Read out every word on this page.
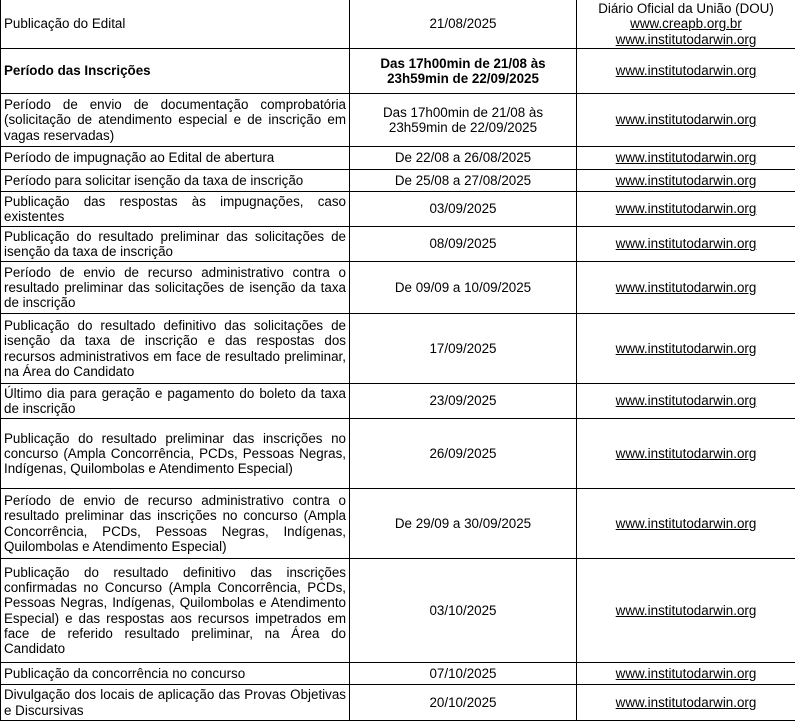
Publicação do Edital	21/08/2025	Diário Oficial da União (DOU)
www.creapb.org.br
www.institutodarwin.org

Período das Inscrições	Das 17h00min de 21/08 às 23h59min de 22/09/2025	www.institutodarwin.org

Período de envio de documentação comprobatória (solicitação de atendimento especial e de inscrição em vagas reservadas)	Das 17h00min de 21/08 às 23h59min de 22/09/2025	www.institutodarwin.org

Período de impugnação ao Edital de abertura	De 22/08 a 26/08/2025	www.institutodarwin.org

Período para solicitar isenção da taxa de inscrição	De 25/08 a 27/08/2025	www.institutodarwin.org

Publicação das respostas às impugnações, caso existentes	03/09/2025	www.institutodarwin.org

Publicação do resultado preliminar das solicitações de isenção da taxa de inscrição	08/09/2025	www.institutodarwin.org

Período de envio de recurso administrativo contra o resultado preliminar das solicitações de isenção da taxa de inscrição	De 09/09 a 10/09/2025	www.institutodarwin.org

Publicação do resultado definitivo das solicitações de isenção da taxa de inscrição e das respostas dos recursos administrativos em face de resultado preliminar, na Área do Candidato	17/09/2025	www.institutodarwin.org

Último dia para geração e pagamento do boleto da taxa de inscrição	23/09/2025	www.institutodarwin.org

Publicação do resultado preliminar das inscrições no concurso (Ampla Concorrência, PCDs, Pessoas Negras, Indígenas, Quilombolas e Atendimento Especial)	26/09/2025	www.institutodarwin.org

Período de envio de recurso administrativo contra o resultado preliminar das inscrições no concurso (Ampla Concorrência, PCDs, Pessoas Negras, Indígenas, Quilombolas e Atendimento Especial)	De 29/09 a 30/09/2025	www.institutodarwin.org

Publicação do resultado definitivo das inscrições confirmadas no Concurso (Ampla Concorrência, PCDs, Pessoas Negras, Indígenas, Quilombolas e Atendimento Especial) e das respostas aos recursos impetrados em face de referido resultado preliminar, na Área do Candidato	03/10/2025	www.institutodarwin.org

Publicação da concorrência no concurso	07/10/2025	www.institutodarwin.org

Divulgação dos locais de aplicação das Provas Objetivas e Discursivas	20/10/2025	www.institutodarwin.org
